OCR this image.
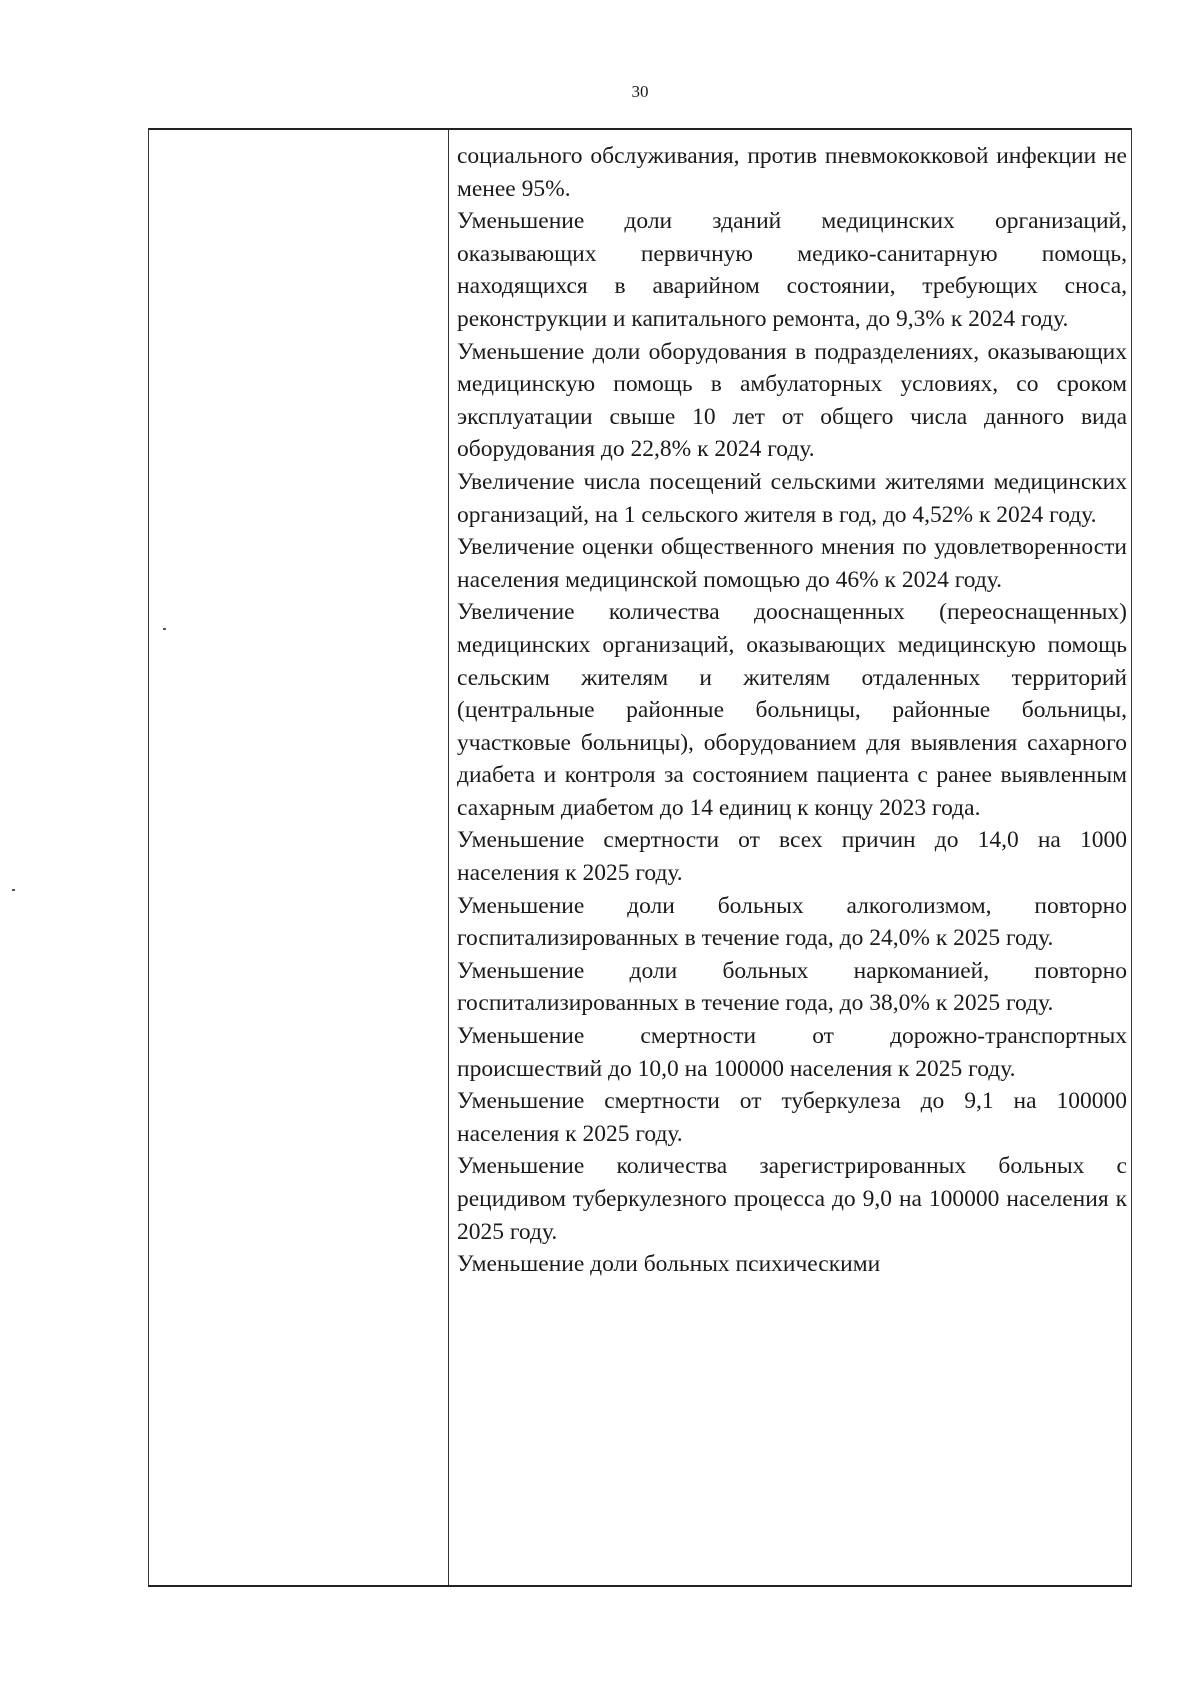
30

социального обслуживания, против пневмококковой инфекции не менее 95%.

Уменьшение доли зданий медицинских организаций, оказывающих первичную медико-санитарную помощь, находящихся в аварийном состоянии, требующих сноса, реконструкции и капитального ремонта, до 9,3% к 2024 году.

Уменьшение доли оборудования в подразделениях, оказывающих медицинскую помощь в амбулаторных условиях, со сроком эксплуатации свыше 10 лет от общего числа данного вида оборудования до 22,8% к 2024 году.

Увеличение числа посещений сельскими жителями медицинских организаций, на 1 сельского жителя в год, до 4,52% к 2024 году.

Увеличение оценки общественного мнения по удовлетворенности населения медицинской помощью до 46% к 2024 году.

Увеличение количества дооснащенных (переоснащенных) медицинских организаций, оказывающих медицинскую помощь сельским жителям и жителям отдаленных территорий (центральные районные больницы, районные больницы, участковые больницы), оборудованием для выявления сахарного диабета и контроля за состоянием пациента с ранее выявленным сахарным диабетом до 14 единиц к концу 2023 года.

Уменьшение смертности от всех причин до 14,0 на 1000 населения к 2025 году.

Уменьшение доли больных алкоголизмом, повторно госпитализированных в течение года, до 24,0% к 2025 году.

Уменьшение доли больных наркоманией, повторно госпитализированных в течение года, до 38,0% к 2025 году.

Уменьшение смертности от дорожно-транспортных происшествий до 10,0 на 100000 населения к 2025 году.

Уменьшение смертности от туберкулеза до 9,1 на 100000 населения к 2025 году.

Уменьшение количества зарегистрированных больных с рецидивом туберкулезного процесса до 9,0 на 100000 населения к 2025 году.

Уменьшение доли больных психическими
